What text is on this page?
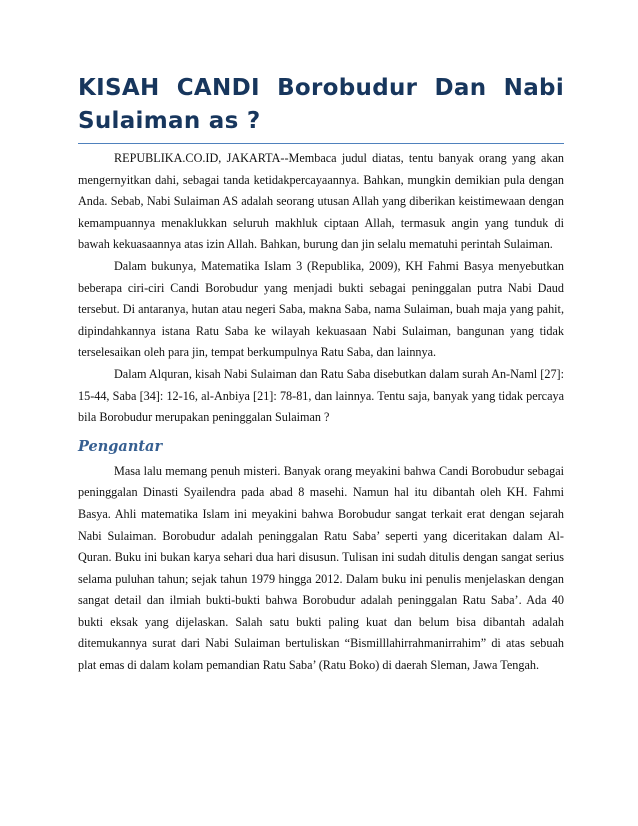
KISAH CANDI Borobudur Dan Nabi Sulaiman as ?

REPUBLIKA.CO.ID, JAKARTA--Membaca judul diatas, tentu banyak orang yang akan mengernyitkan dahi, sebagai tanda ketidakpercayaannya. Bahkan, mungkin demikian pula dengan Anda. Sebab, Nabi Sulaiman AS adalah seorang utusan Allah yang diberikan keistimewaan dengan kemampuannya menaklukkan seluruh makhluk ciptaan Allah, termasuk angin yang tunduk di bawah kekuasaannya atas izin Allah. Bahkan, burung dan jin selalu mematuhi perintah Sulaiman.

Dalam bukunya, Matematika Islam 3 (Republika, 2009), KH Fahmi Basya menyebutkan beberapa ciri-ciri Candi Borobudur yang menjadi bukti sebagai peninggalan putra Nabi Daud tersebut. Di antaranya, hutan atau negeri Saba, makna Saba, nama Sulaiman, buah maja yang pahit, dipindahkannya istana Ratu Saba ke wilayah kekuasaan Nabi Sulaiman, bangunan yang tidak terselesaikan oleh para jin, tempat berkumpulnya Ratu Saba, dan lainnya.

Dalam Alquran, kisah Nabi Sulaiman dan Ratu Saba disebutkan dalam surah An-Naml [27]: 15-44, Saba [34]: 12-16, al-Anbiya [21]: 78-81, dan lainnya. Tentu saja, banyak yang tidak percaya bila Borobudur merupakan peninggalan Sulaiman ?

Pengantar

Masa lalu memang penuh misteri. Banyak orang meyakini bahwa Candi Borobudur sebagai peninggalan Dinasti Syailendra pada abad 8 masehi. Namun hal itu dibantah oleh KH. Fahmi Basya. Ahli matematika Islam ini meyakini bahwa Borobudur sangat terkait erat dengan sejarah Nabi Sulaiman. Borobudur adalah peninggalan Ratu Saba’ seperti yang diceritakan dalam Al-Quran. Buku ini bukan karya sehari dua hari disusun. Tulisan ini sudah ditulis dengan sangat serius selama puluhan tahun; sejak tahun 1979 hingga 2012. Dalam buku ini penulis menjelaskan dengan sangat detail dan ilmiah bukti-bukti bahwa Borobudur adalah peninggalan Ratu Saba’. Ada 40 bukti eksak yang dijelaskan. Salah satu bukti paling kuat dan belum bisa dibantah adalah ditemukannya surat dari Nabi Sulaiman bertuliskan “Bismilllahirrahmanirrahim” di atas sebuah plat emas di dalam kolam pemandian Ratu Saba’ (Ratu Boko) di daerah Sleman, Jawa Tengah.
